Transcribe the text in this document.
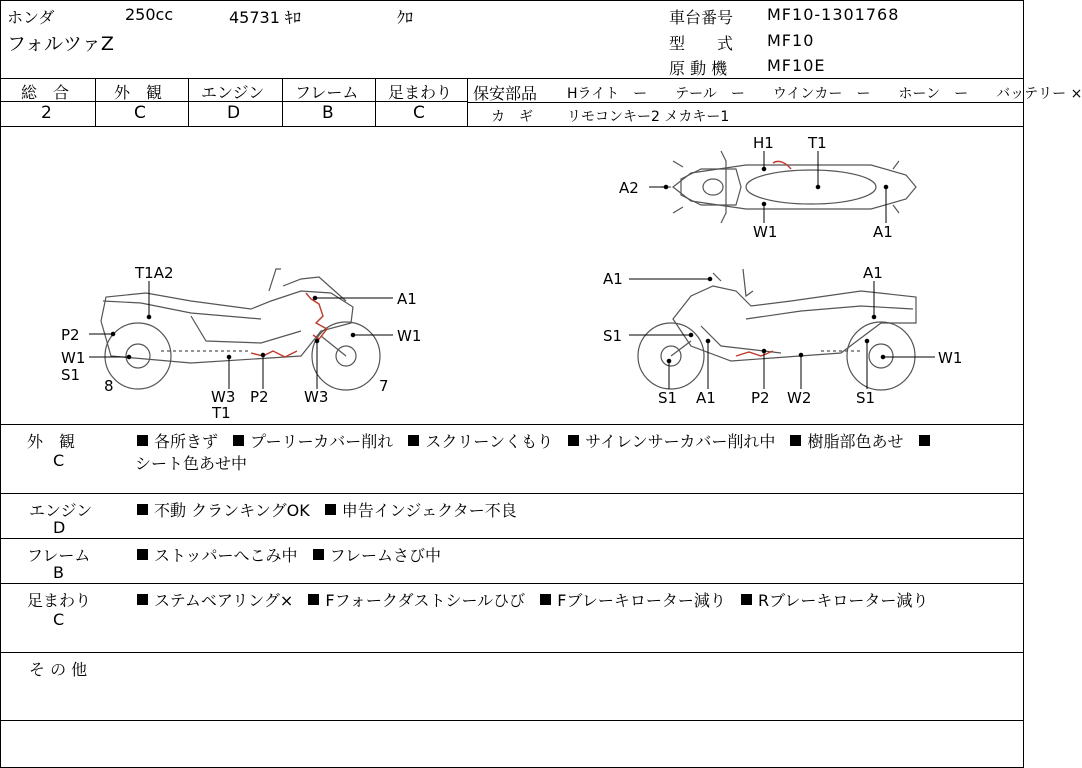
ホンダ	250cc	45731 ｷﾛ	ｸﾛ
フォルツァZ
車台番号 MF10-1301768
型　　式 MF10
原 動 機 MF10E
総　合	外　観 エンジン フレーム 足まわり
2	C	D	B	C
保安部品 Hライト　ー　　テール　ー　　ウインカー　ー　　ホーン　ー　　バッテリー ×
カ　ギ リモコンキー2 メカキー1
H1 T1
A2
W1	A1
T1A2
A1
P2	W1
W1
S1
8	7
W3 P2 W3
T1
A1	A1
S1
W1
S1 A1 P2 W2	S1
外　観
C
各所きず プーリーカバー削れ スクリーンくもり サイレンサーカバー削れ中 樹脂部色あせ
シート色あせ中
エンジン
D
不動 クランキングOK 申告インジェクター不良
フレーム
B
ストッパーへこみ中 フレームさび中
足まわり
C
ステムベアリング× Fフォークダストシールひび Fブレーキローター減り Rブレーキローター減り
そ の 他
